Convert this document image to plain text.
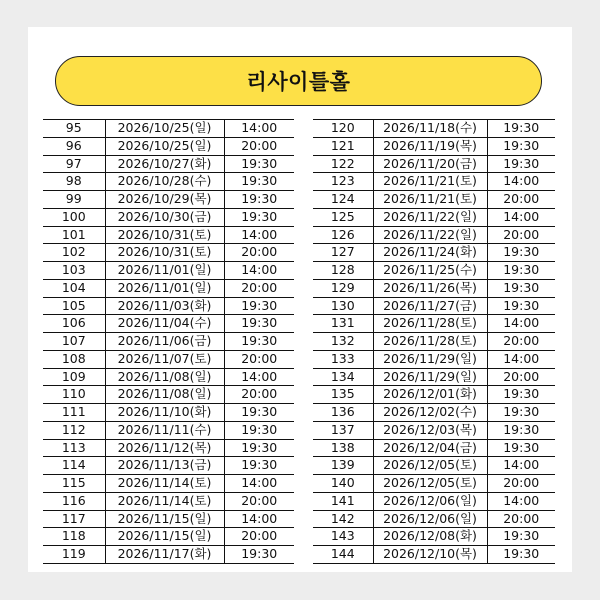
리사이틀홀
95	2026/10/25(일)	14:00
96	2026/10/25(일)	20:00
97	2026/10/27(화)	19:30
98	2026/10/28(수)	19:30
99	2026/10/29(목)	19:30
100	2026/10/30(금)	19:30
101	2026/10/31(토)	14:00
102	2026/10/31(토)	20:00
103	2026/11/01(일)	14:00
104	2026/11/01(일)	20:00
105	2026/11/03(화)	19:30
106	2026/11/04(수)	19:30
107	2026/11/06(금)	19:30
108	2026/11/07(토)	20:00
109	2026/11/08(일)	14:00
110	2026/11/08(일)	20:00
111	2026/11/10(화)	19:30
112	2026/11/11(수)	19:30
113	2026/11/12(목)	19:30
114	2026/11/13(금)	19:30
115	2026/11/14(토)	14:00
116	2026/11/14(토)	20:00
117	2026/11/15(일)	14:00
118	2026/11/15(일)	20:00
119	2026/11/17(화)	19:30
120	2026/11/18(수)	19:30
121	2026/11/19(목)	19:30
122	2026/11/20(금)	19:30
123	2026/11/21(토)	14:00
124	2026/11/21(토)	20:00
125	2026/11/22(일)	14:00
126	2026/11/22(일)	20:00
127	2026/11/24(화)	19:30
128	2026/11/25(수)	19:30
129	2026/11/26(목)	19:30
130	2026/11/27(금)	19:30
131	2026/11/28(토)	14:00
132	2026/11/28(토)	20:00
133	2026/11/29(일)	14:00
134	2026/11/29(일)	20:00
135	2026/12/01(화)	19:30
136	2026/12/02(수)	19:30
137	2026/12/03(목)	19:30
138	2026/12/04(금)	19:30
139	2026/12/05(토)	14:00
140	2026/12/05(토)	20:00
141	2026/12/06(일)	14:00
142	2026/12/06(일)	20:00
143	2026/12/08(화)	19:30
144	2026/12/10(목)	19:30
